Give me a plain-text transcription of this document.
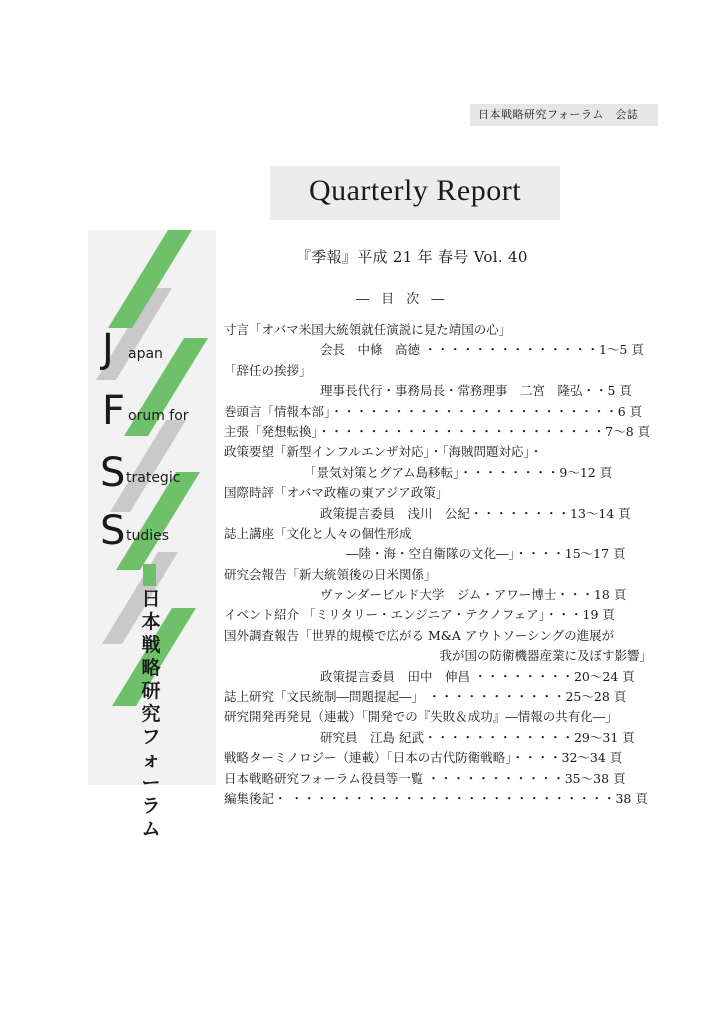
日本戦略研究フォーラム　会誌
Quarterly Report
J
F
S
S
apan
orum for
trategic
tudies
日
本
戦
略
研
究
フ
ォ
ー
ラ
ム
『季報』平成 21 年 春号 Vol. 40
― 目 次 ―
寸言「オバマ米国大統領就任演説に見た靖国の心」
会長　中條　高徳 ・・・・・・・・・・・・・・1～5 頁
「辞任の挨拶」
理事長代行・事務局長・常務理事　二宮　隆弘・・5 頁
巻頭言「情報本部」・・・・・・・・・・・・・・・・・・・・・・・6 頁
主張「発想転換」・・・・・・・・・・・・・・・・・・・・・・・7～8 頁
政策要望「新型インフルエンザ対応」・「海賊問題対応」・
「景気対策とグアム島移転」・・・・・・・・9～12 頁
国際時評「オバマ政権の東アジア政策」
政策提言委員　浅川　公紀・・・・・・・・13～14 頁
誌上講座「文化と人々の個性形成
―陸・海・空自衛隊の文化―」・・・・15～17 頁
研究会報告「新大統領後の日米関係」
ヴァンダービルド大学　ジム・アワー博士・・・18 頁
イベント紹介 「ミリタリー・エンジニア・テクノフェア」・・・19 頁
国外調査報告「世界的規模で広がる M&A アウトソーシングの進展が
我が国の防衛機器産業に及ぼす影響」
政策提言委員　田中　伸昌 ・・・・・・・・20～24 頁
誌上研究「文民統制―問題提起―」 ・・・・・・・・・・・25～28 頁
研究開発再発見（連載）「開発での『失敗＆成功』―情報の共有化―」
研究員　江島 紀武・・・・・・・・・・・・29～31 頁
戦略ターミノロジー（連載）「日本の古代防衛戦略」・・・・32～34 頁
日本戦略研究フォーラム役員等一覧 ・・・・・・・・・・・35～38 頁
編集後記・ ・・・・・・・・・・・・・・・・・・・・・・・・・・38 頁
